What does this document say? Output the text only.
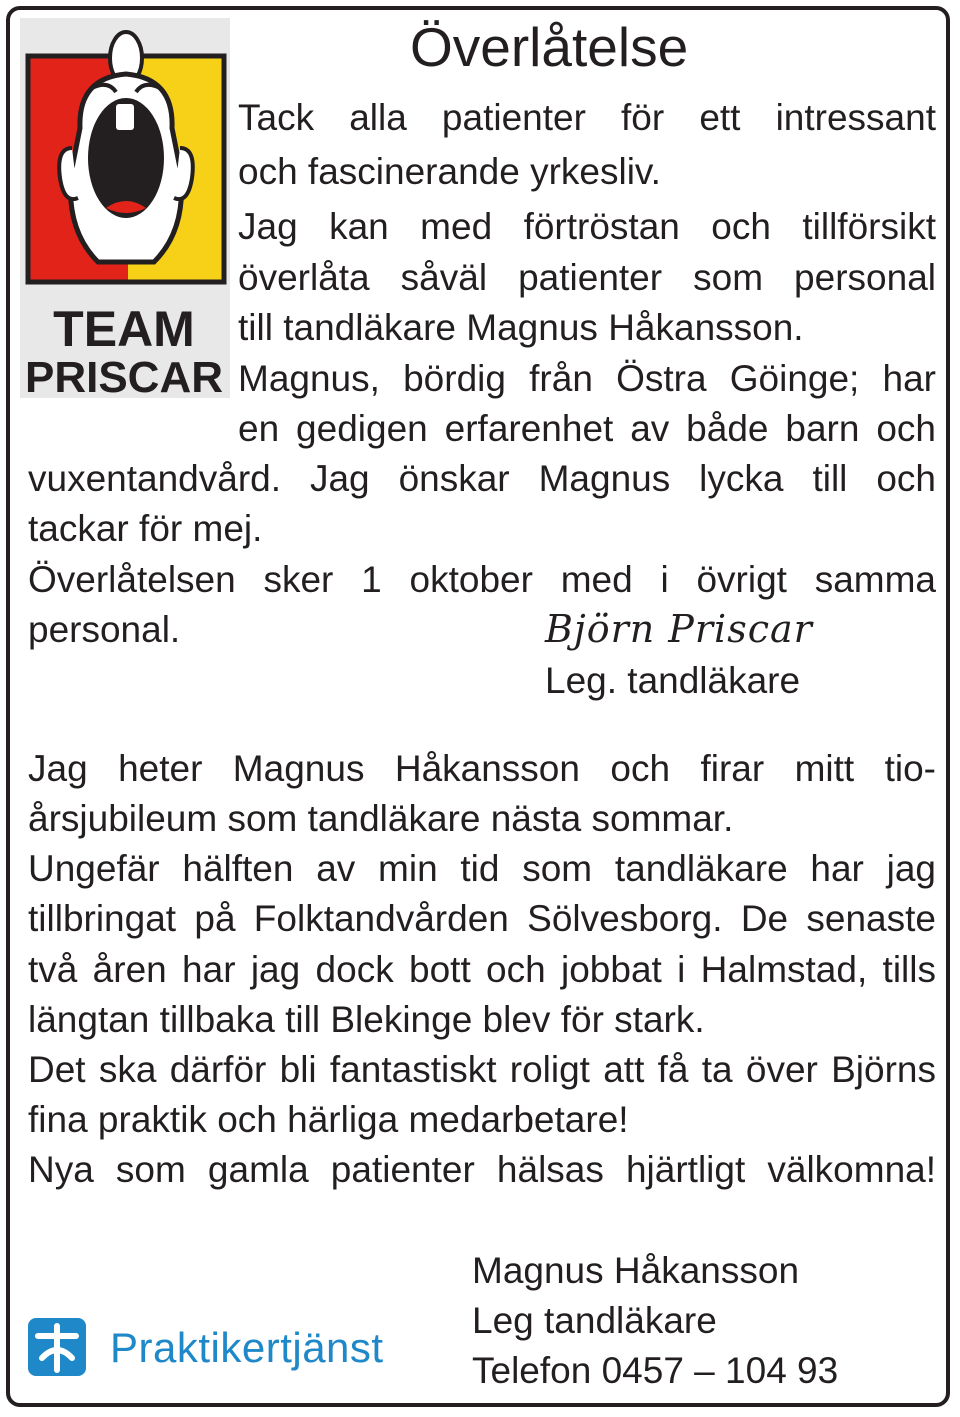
TEAM
PRISCAR
Överlåtelse
Tack alla patienter för ett intressant
och fascinerande yrkesliv.
Jag kan med förtröstan och tillförsikt
överlåta såväl patienter som personal
till tandläkare Magnus Håkansson.
Magnus, bördig från Östra Göinge; har
en gedigen erfarenhet av både barn och
vuxentandvård. Jag önskar Magnus lycka till och
tackar för mej.
Överlåtelsen sker 1 oktober med i övrigt samma
personal.	Björn Priscar
Leg. tandläkare
Jag heter Magnus Håkansson och firar mitt tio-
årsjubileum som tandläkare nästa sommar.
Ungefär hälften av min tid som tandläkare har jag
tillbringat på Folktandvården Sölvesborg. De senaste
två åren har jag dock bott och jobbat i Halmstad, tills
längtan tillbaka till Blekinge blev för stark.
Det ska därför bli fantastiskt roligt att få ta över Björns
fina praktik och härliga medarbetare!
Nya som gamla patienter hälsas hjärtligt välkomna!
Magnus Håkansson
Leg tandläkare
Telefon 0457 – 104 93
Praktikertjänst
